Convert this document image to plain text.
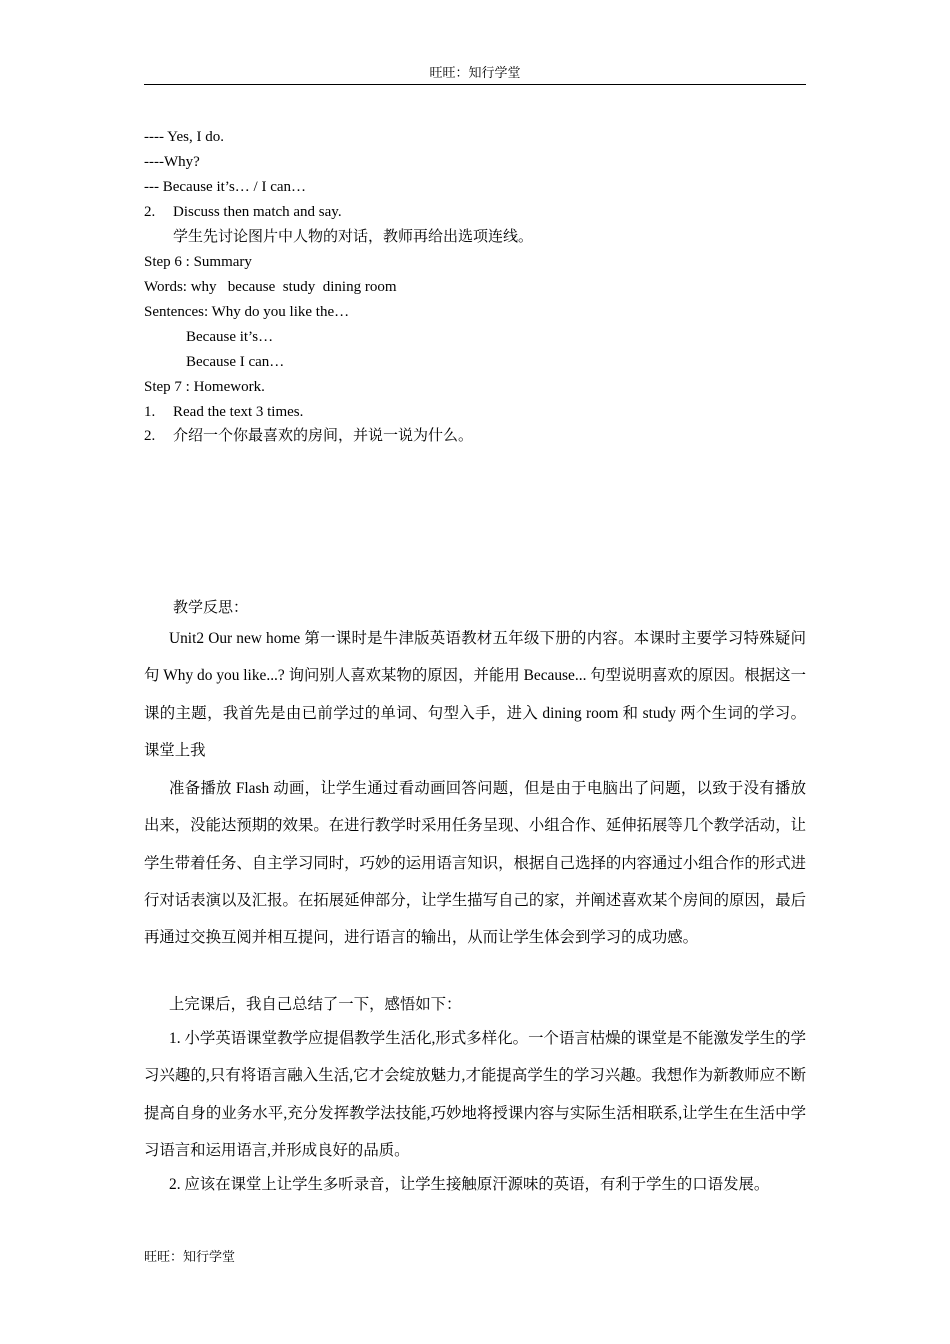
旺旺：知行学堂
---- Yes, I do.
----Why?
--- Because it’s… / I can…
2. Discuss then match and say.
学生先讨论图片中人物的对话，教师再给出选项连线。
Step 6 : Summary
Words: why   because  study  dining room
Sentences: Why do you like the…
Because it’s…
Because I can…
Step 7 : Homework.
1. Read the text 3 times.
2. 介绍一个你最喜欢的房间，并说一说为什么。
教学反思：

Unit2 Our new home 第一课时是牛津版英语教材五年级下册的内容。本课时主要学习特殊疑问句 Why do you like...? 询问别人喜欢某物的原因，并能用 Because... 句型说明喜欢的原因。根据这一课的主题，我首先是由已前学过的单词、句型入手，进入 dining room 和 study 两个生词的学习。课堂上我

准备播放 Flash 动画，让学生通过看动画回答问题，但是由于电脑出了问题，以致于没有播放出来，没能达预期的效果。在进行教学时采用任务呈现、小组合作、延伸拓展等几个教学活动，让学生带着任务、自主学习同时，巧妙的运用语言知识，根据自己选择的内容通过小组合作的形式进行对话表演以及汇报。在拓展延伸部分，让学生描写自己的家，并阐述喜欢某个房间的原因，最后再通过交换互阅并相互提问，进行语言的输出，从而让学生体会到学习的成功感。

上完课后，我自己总结了一下，感悟如下：

1. 小学英语课堂教学应提倡教学生活化,形式多样化。一个语言枯燥的课堂是不能激发学生的学习兴趣的,只有将语言融入生活,它才会绽放魅力,才能提高学生的学习兴趣。我想作为新教师应不断提高自身的业务水平,充分发挥教学法技能,巧妙地将授课内容与实际生活相联系,让学生在生活中学习语言和运用语言,并形成良好的品质。

2. 应该在课堂上让学生多听录音，让学生接触原汗源味的英语，有利于学生的口语发展。

旺旺：知行学堂
